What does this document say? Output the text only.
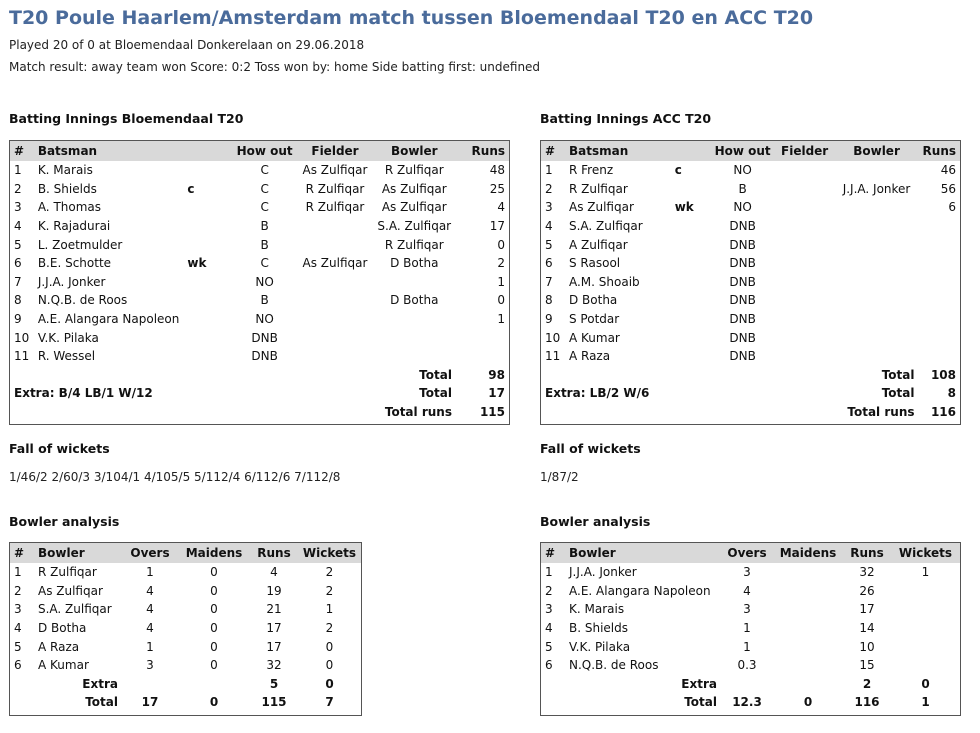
T20 Poule Haarlem/Amsterdam match tussen Bloemendaal T20 en ACC T20
Played 20 of 0 at Bloemendaal Donkerelaan on 29.06.2018
Match result: away team won Score: 0:2 Toss won by: home Side batting first: undefined
Batting Innings Bloemendaal T20
#	Batsman		How out	Fielder	Bowler	Runs
1	K. Marais		C	As Zulfiqar	R Zulfiqar	48
2	B. Shields	c	C	R Zulfiqar	As Zulfiqar	25
3	A. Thomas		C	R Zulfiqar	As Zulfiqar	4
4	K. Rajadurai		B		S.A. Zulfiqar	17
5	L. Zoetmulder		B		R Zulfiqar	0
6	B.E. Schotte	wk	C	As Zulfiqar	D Botha	2
7	J.J.A. Jonker		NO			1
8	N.Q.B. de Roos		B		D Botha	0
9	A.E. Alangara Napoleon		NO			1
10	V.K. Pilaka		DNB			
11	R. Wessel		DNB			
					Total	98
Extra: B/4 LB/1 W/12					Total	17
					Total runs	115
Fall of wickets
1/46/2 2/60/3 3/104/1 4/105/5 5/112/4 6/112/6 7/112/8
Bowler analysis
#	Bowler	Overs	Maidens	Runs	Wickets
1	R Zulfiqar	1	0	4	2
2	As Zulfiqar	4	0	19	2
3	S.A. Zulfiqar	4	0	21	1
4	D Botha	4	0	17	2
5	A Raza	1	0	17	0
6	A Kumar	3	0	32	0
	Extra			5	0
	Total	17	0	115	7
Batting Innings ACC T20
#	Batsman		How out	Fielder	Bowler	Runs
1	R Frenz	c	NO			46
2	R Zulfiqar		B		J.J.A. Jonker	56
3	As Zulfiqar	wk	NO			6
4	S.A. Zulfiqar		DNB			
5	A Zulfiqar		DNB			
6	S Rasool		DNB			
7	A.M. Shoaib		DNB			
8	D Botha		DNB			
9	S Potdar		DNB			
10	A Kumar		DNB			
11	A Raza		DNB			
					Total	108
Extra: LB/2 W/6					Total	8
					Total runs	116
Fall of wickets
1/87/2
Bowler analysis
#	Bowler	Overs	Maidens	Runs	Wickets
1	J.J.A. Jonker	3		32	1
2	A.E. Alangara Napoleon	4		26	
3	K. Marais	3		17	
4	B. Shields	1		14	
5	V.K. Pilaka	1		10	
6	N.Q.B. de Roos	0.3		15	
	Extra			2	0
	Total	12.3	0	116	1
